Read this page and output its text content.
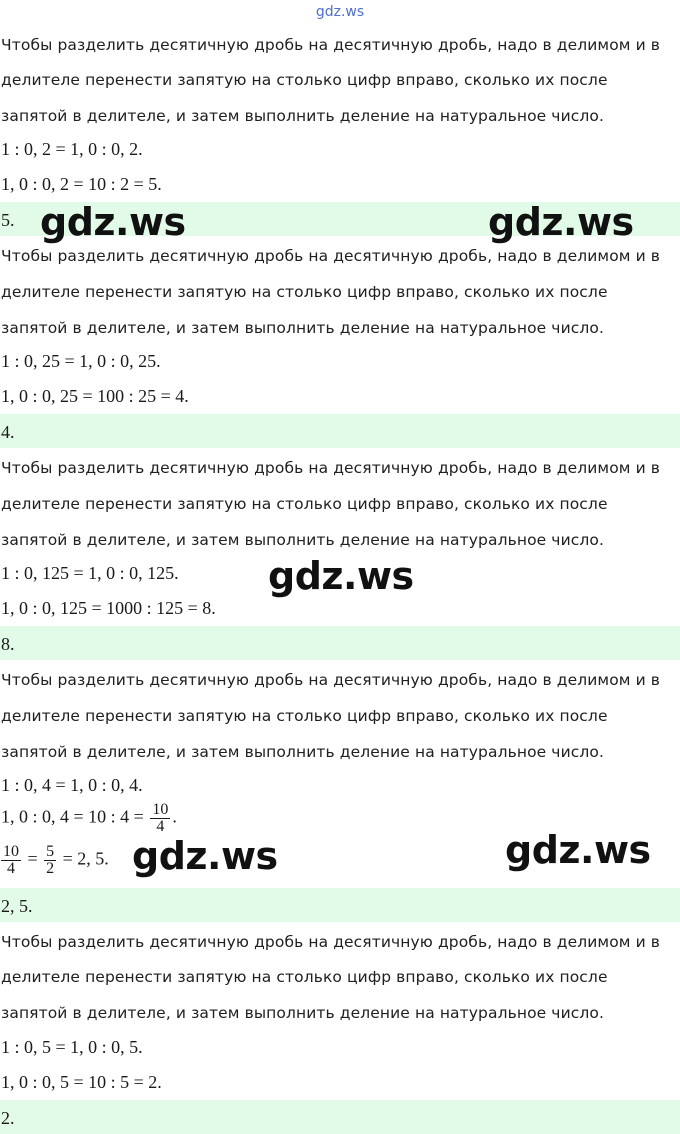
gdz.ws
Чтобы разделить десятичную дробь на десятичную дробь, надо в делимом и в
делителе перенести запятую на столько цифр вправо, сколько их после
запятой в делителе, и затем выполнить деление на натуральное число.
1 : 0, 2 = 1, 0 : 0, 2.
1, 0 : 0, 2 = 10 : 2 = 5.
5.
Чтобы разделить десятичную дробь на десятичную дробь, надо в делимом и в
делителе перенести запятую на столько цифр вправо, сколько их после
запятой в делителе, и затем выполнить деление на натуральное число.
1 : 0, 25 = 1, 0 : 0, 25.
1, 0 : 0, 25 = 100 : 25 = 4.
4.
Чтобы разделить десятичную дробь на десятичную дробь, надо в делимом и в
делителе перенести запятую на столько цифр вправо, сколько их после
запятой в делителе, и затем выполнить деление на натуральное число.
1 : 0, 125 = 1, 0 : 0, 125.
1, 0 : 0, 125 = 1000 : 125 = 8.
8.
Чтобы разделить десятичную дробь на десятичную дробь, надо в делимом и в
делителе перенести запятую на столько цифр вправо, сколько их после
запятой в делителе, и затем выполнить деление на натуральное число.
1 : 0, 4 = 1, 0 : 0, 4.
1, 0 : 0, 4 = 10 : $4 = \frac{10}{4}$ .
$\frac{10}{4} = \frac{5}{2} = 2$, 5.
2, 5.
Чтобы разделить десятичную дробь на десятичную дробь, надо в делимом и в
делителе перенести запятую на столько цифр вправо, сколько их после
запятой в делителе, и затем выполнить деление на натуральное число.
1 : 0, 5 = 1, 0 : 0, 5.
1, 0 : 0, 5 = 10 : 5 = 2.
2.
gdz.ws	gdz.ws
gdz.ws
gdz.ws	gdz.ws
